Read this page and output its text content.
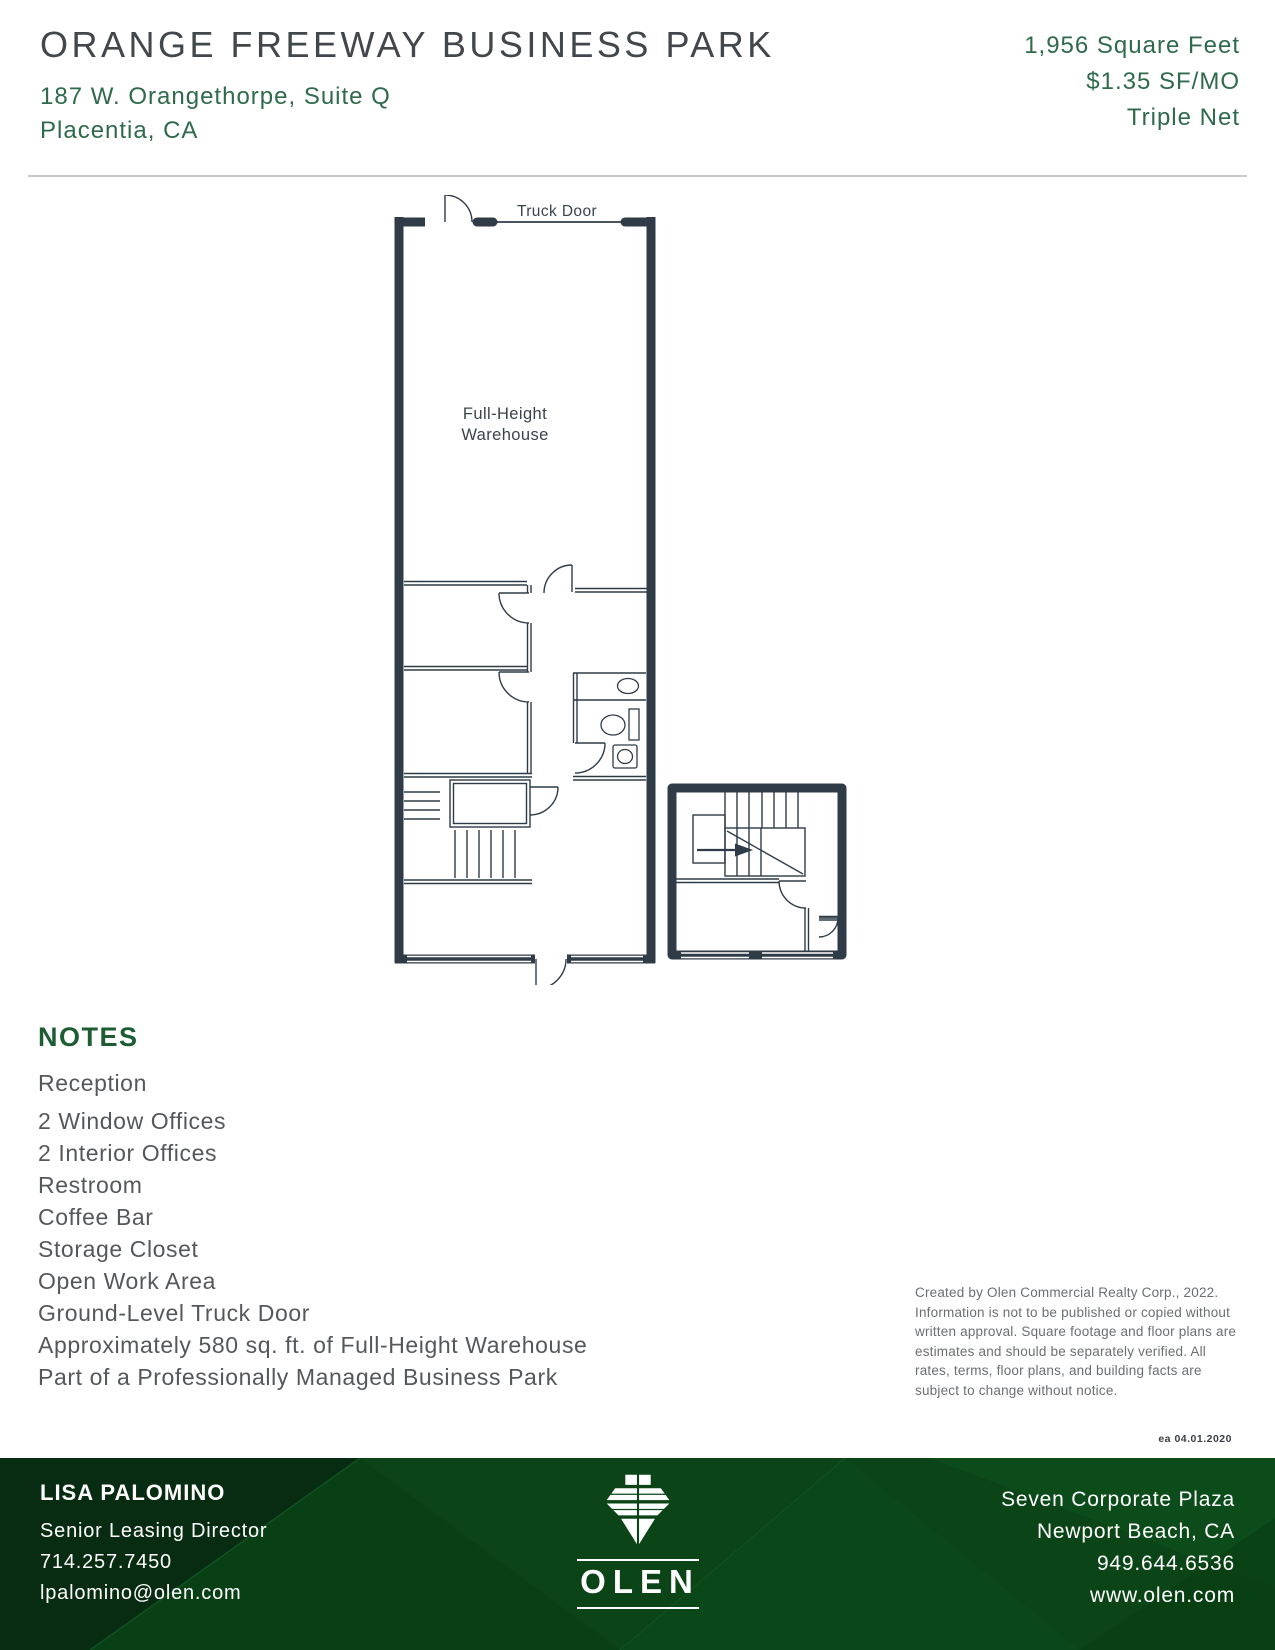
ORANGE FREEWAY BUSINESS PARK
187 W. Orangethorpe, Suite Q
Placentia, CA
1,956 Square Feet
$1.35 SF/MO
Triple Net
Truck Door
Full-Height
Warehouse
NOTES
Reception
2 Window Offices
2 Interior Offices
Restroom
Coffee Bar
Storage Closet
Open Work Area
Ground-Level Truck Door
Approximately 580 sq. ft. of Full-Height Warehouse
Part of a Professionally Managed Business Park
Created by Olen Commercial Realty Corp., 2022. Information is not to be published or copied without written approval. Square footage and floor plans are estimates and should be separately verified. All rates, terms, floor plans, and building facts are subject to change without notice.
ea 04.01.2020
LISA PALOMINO
Senior Leasing Director
714.257.7450
lpalomino@olen.com	OLEN
Seven Corporate Plaza
Newport Beach, CA
949.644.6536
www.olen.com
